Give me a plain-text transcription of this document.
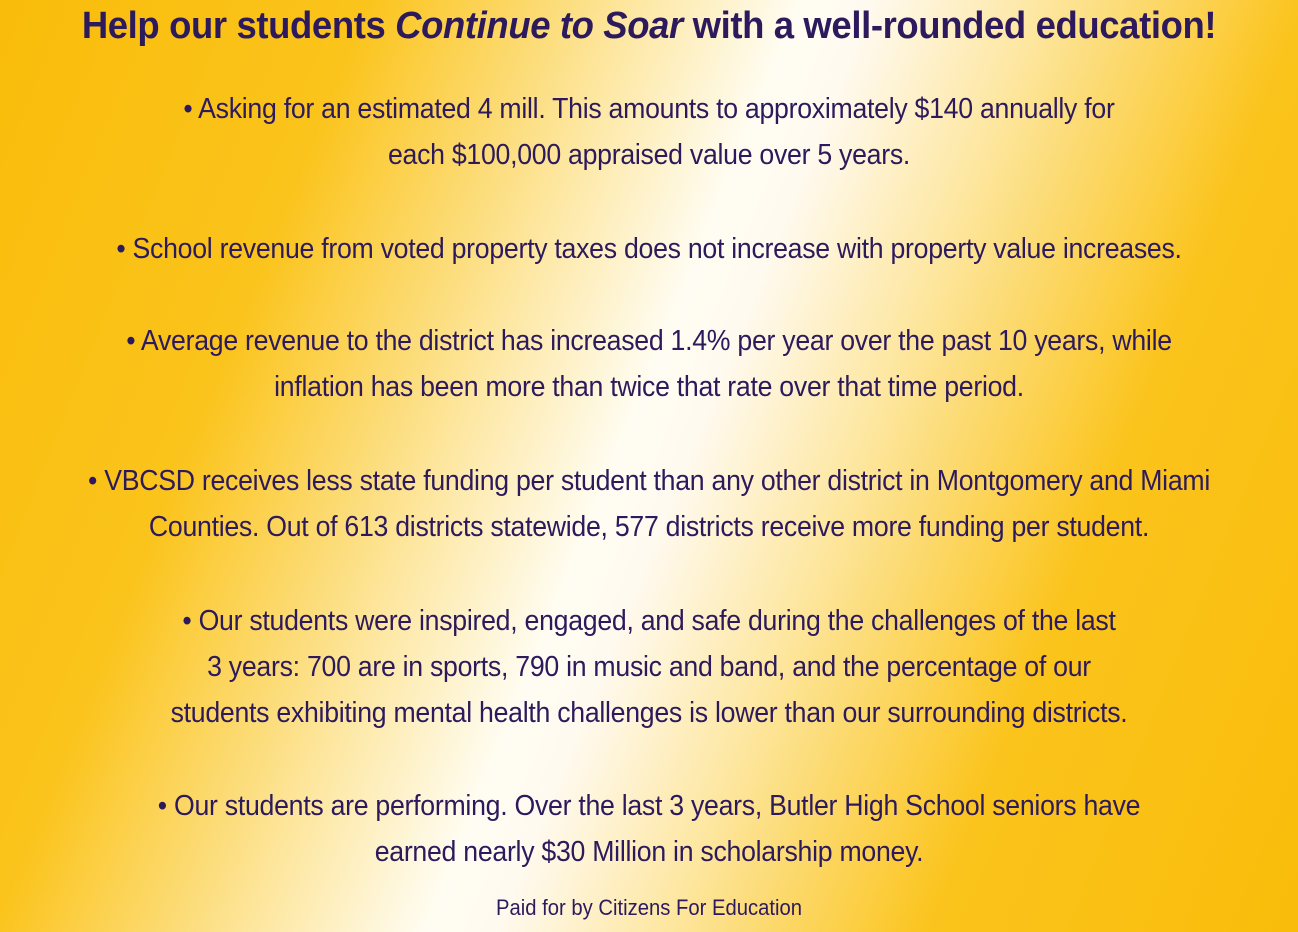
Help our students Continue to Soar with a well-rounded education!
• Asking for an estimated 4 mill. This amounts to approximately $140 annually for
each $100,000 appraised value over 5 years.
• School revenue from voted property taxes does not increase with property value increases.
• Average revenue to the district has increased 1.4% per year over the past 10 years, while
inflation has been more than twice that rate over that time period.
• VBCSD receives less state funding per student than any other district in Montgomery and Miami
Counties. Out of 613 districts statewide, 577 districts receive more funding per student.
• Our students were inspired, engaged, and safe during the challenges of the last
3 years: 700 are in sports, 790 in music and band, and the percentage of our
students exhibiting mental health challenges is lower than our surrounding districts.
• Our students are performing. Over the last 3 years, Butler High School seniors have
earned nearly $30 Million in scholarship money.
Paid for by Citizens For Education
